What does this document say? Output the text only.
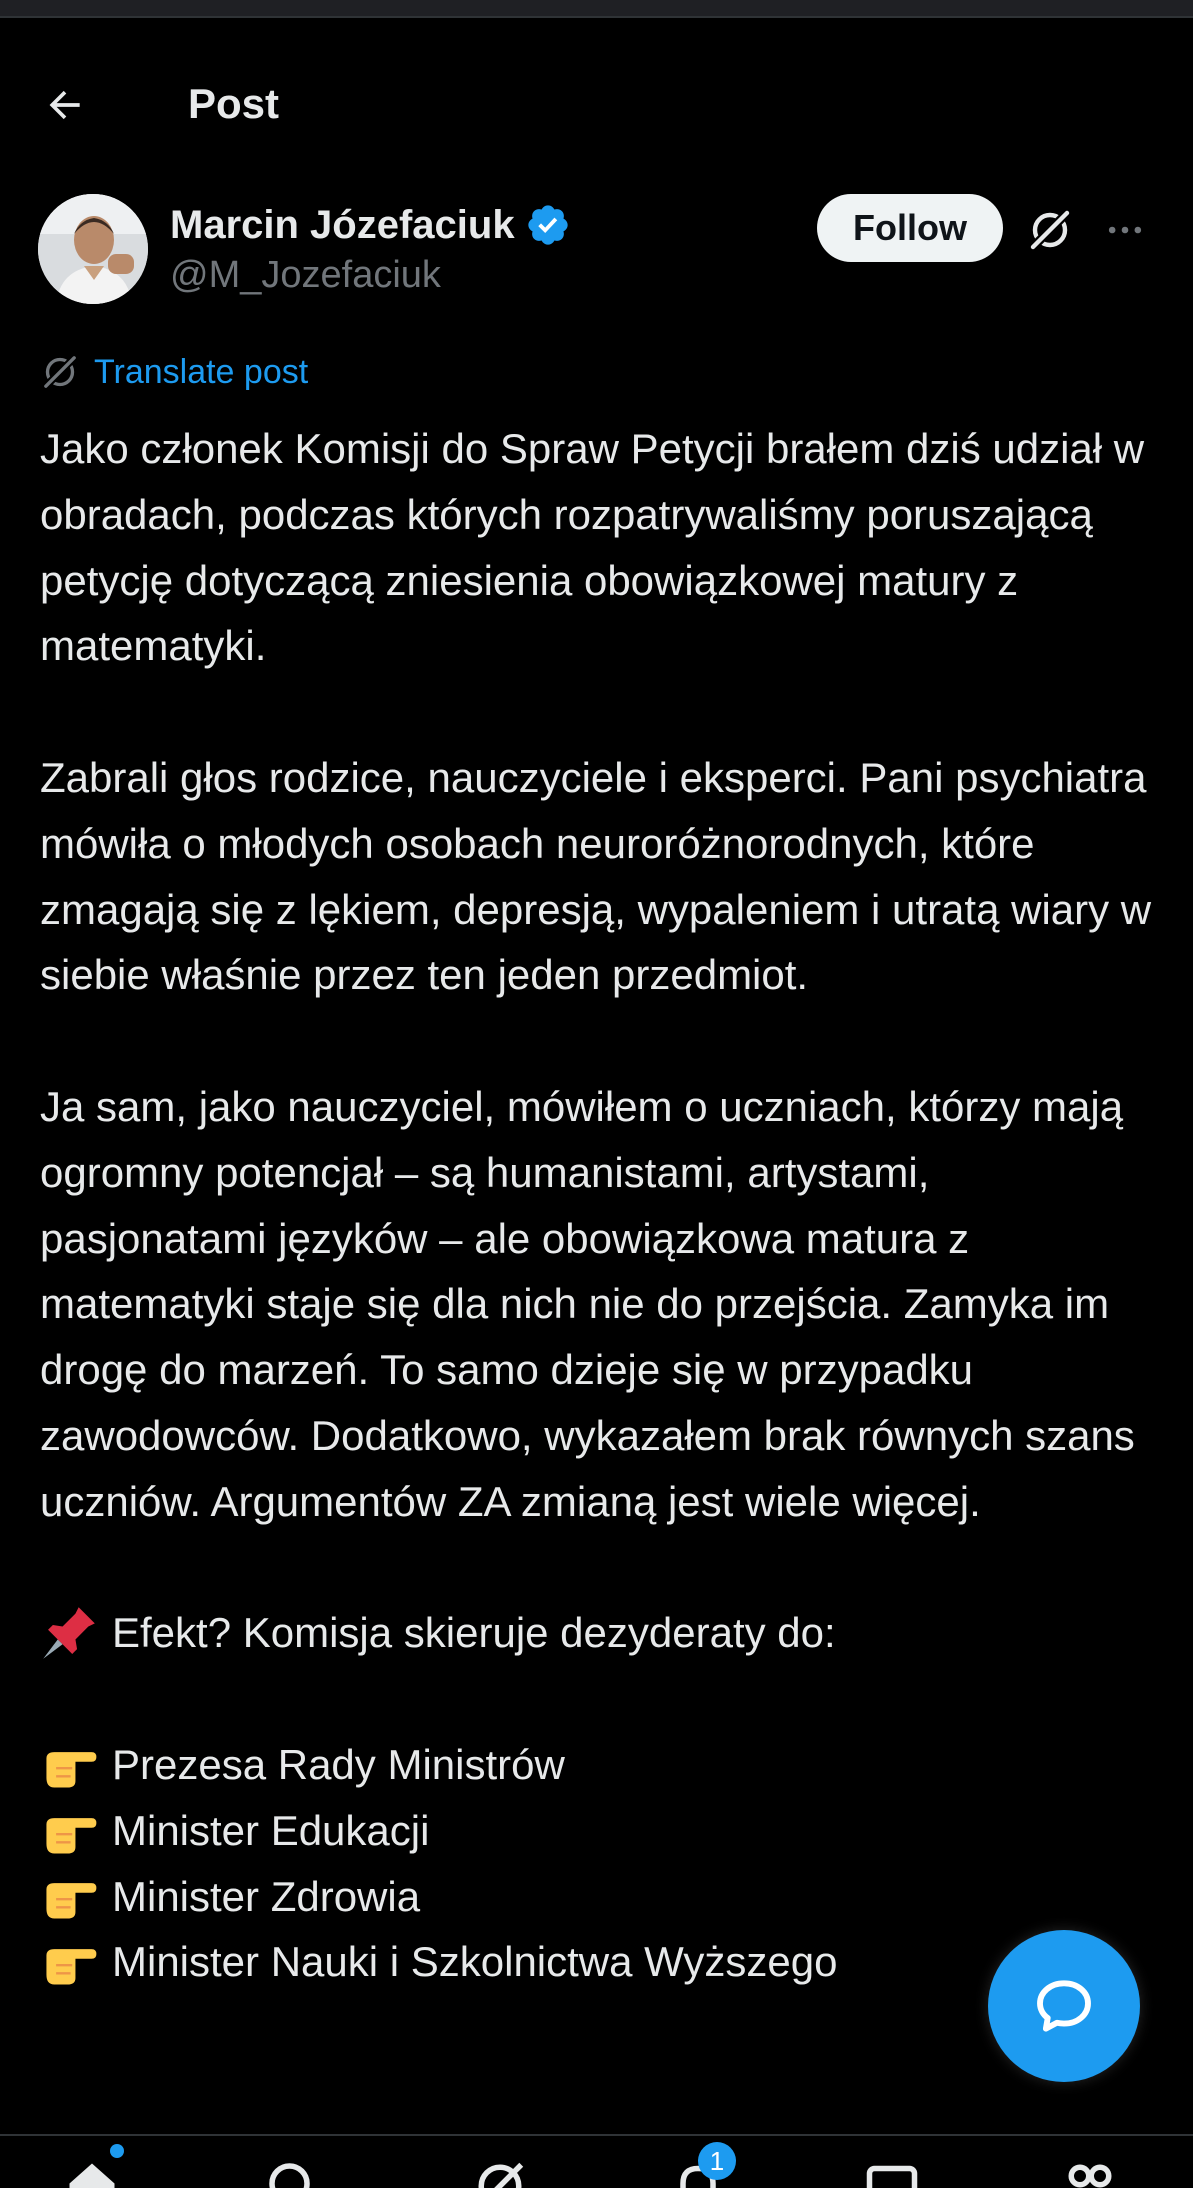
Post
Marcin Józefaciuk
@M_Jozefaciuk
Follow
Translate post

Jako członek Komisji do Spraw Petycji brałem dziś udział w obradach, podczas których rozpatrywaliśmy poruszającą petycję dotyczącą zniesienia obowiązkowej matury z matematyki.

Zabrali głos rodzice, nauczyciele i eksperci. Pani psychiatra mówiła o młodych osobach neuroróżnorodnych, które zmagają się z lękiem, depresją, wypaleniem i utratą wiary w siebie właśnie przez ten jeden przedmiot.

Ja sam, jako nauczyciel, mówiłem o uczniach, którzy mają ogromny potencjał – są humanistami, artystami, pasjonatami języków – ale obowiązkowa matura z matematyki staje się dla nich nie do przejścia. Zamyka im drogę do marzeń. To samo dzieje się w przypadku zawodowców. Dodatkowo, wykazałem brak równych szans uczniów. Argumentów ZA zmianą jest wiele więcej.

Efekt? Komisja skieruje dezyderaty do:
Prezesa Rady Ministrów
Minister Edukacji
Minister Zdrowia
Minister Nauki i Szkolnictwa Wyższego
1
